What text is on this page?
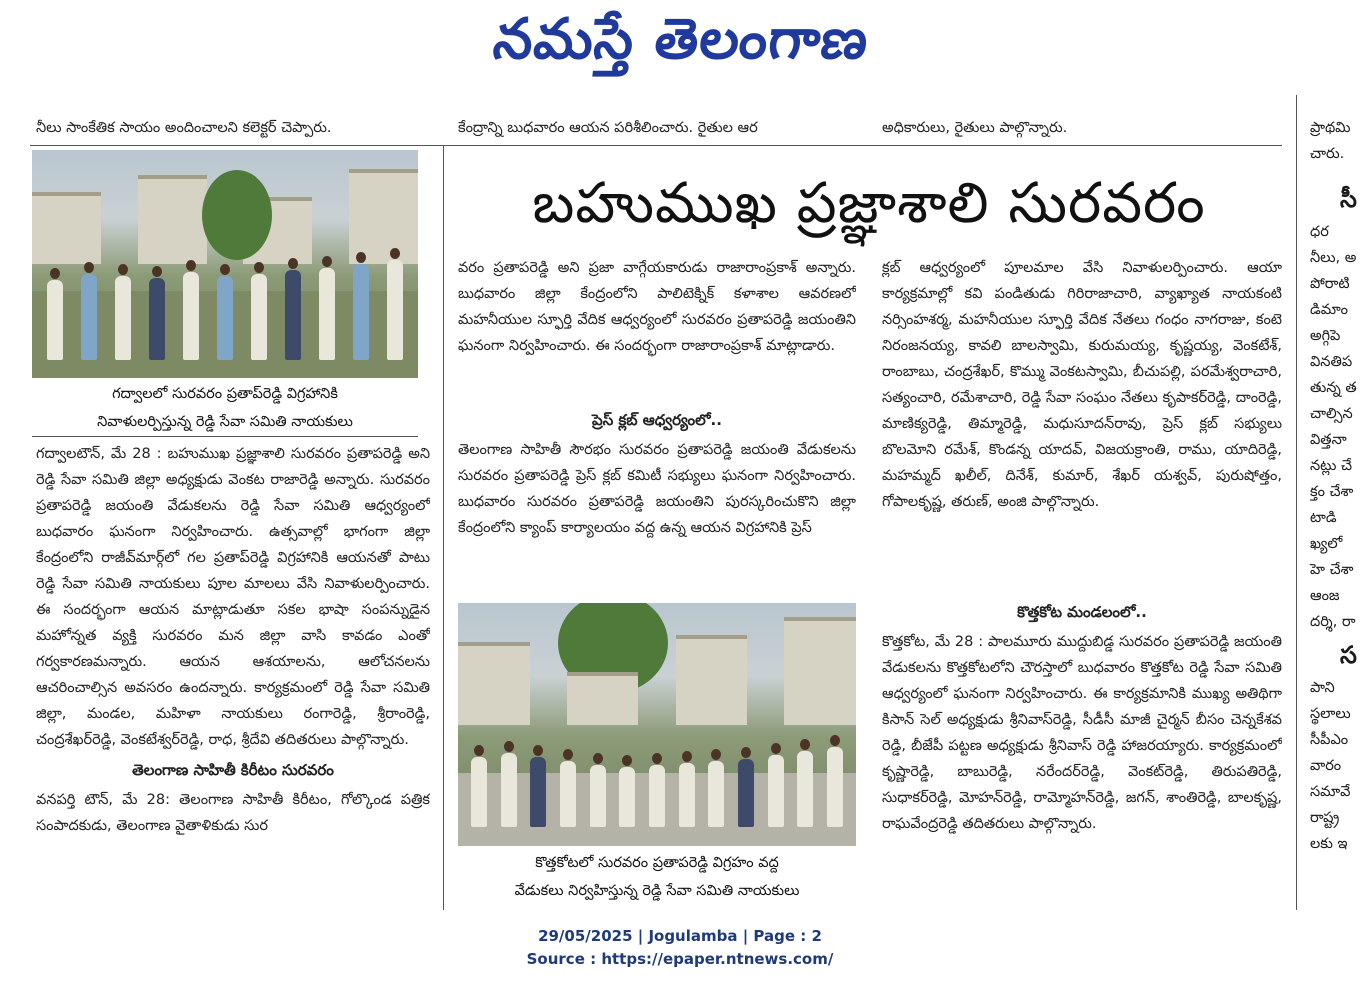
నమస్తే తెలంగాణ
నీలు సాంకేతిక సాయం అందించాలని కలెక్టర్ చెప్పారు.	కేంద్రాన్ని బుధవారం ఆయన పరిశీలించారు. రైతుల ఆర	అధికారులు, రైతులు పాల్గొన్నారు.
బహుముఖ ప్రజ్ఞాశాలి సురవరం
గద్వాలలో సురవరం ప్రతాప్‌రెడ్డి విగ్రహానికి
నివాళులర్పిస్తున్న రెడ్డి సేవా సమితి నాయకులు

గద్వాలటౌన్, మే 28 : బహుముఖ ప్రజ్ఞాశాలి సురవరం ప్రతాపరెడ్డి అని రెడ్డి సేవా సమితి జిల్లా అధ్యక్షుడు వెంకట రాజారెడ్డి అన్నారు. సురవరం ప్రతాపరెడ్డి జయంతి వేడుకలను రెడ్డి సేవా సమితి ఆధ్వర్యంలో బుధవారం ఘనంగా నిర్వహించారు. ఉత్సవాల్లో భాగంగా జిల్లా కేంద్రంలోని రాజీవ్‌మార్గ్‌లో గల ప్రతాప్‌రెడ్డి విగ్రహానికి ఆయనతో పాటు రెడ్డి సేవా సమితి నాయకులు పూల మాలలు వేసి నివాళులర్పించారు. ఈ సందర్భంగా ఆయన మాట్లాడుతూ సకల భాషా సంపన్నుడైన మహోన్నత వ్యక్తి సురవరం మన జిల్లా వాసి కావడం ఎంతో గర్వకారణమన్నారు. ఆయన ఆశయాలను, ఆలోచనలను ఆచరించాల్సిన అవసరం ఉందన్నారు. కార్యక్రమంలో రెడ్డి సేవా సమితి జిల్లా, మండల, మహిళా నాయకులు రంగారెడ్డి, శ్రీరాంరెడ్డి, చంద్రశేఖర్‌రెడ్డి, వెంకటేశ్వర్‌రెడ్డి, రాధ, శ్రీదేవి తదితరులు పాల్గొన్నారు.

తెలంగాణ సాహితీ కిరీటం సురవరం

వనపర్తి టౌన్, మే 28: తెలంగాణ సాహితీ కిరీటం, గోల్కొండ పత్రిక సంపాదకుడు, తెలంగాణ వైతాళికుడు సుర

వరం ప్రతాపరెడ్డి అని ప్రజా వాగ్గేయకారుడు రాజారాంప్రకాశ్ అన్నారు. బుధవారం జిల్లా కేంద్రంలోని పాలిటెక్నిక్ కళాశాల ఆవరణలో మహనీయుల స్ఫూర్తి వేదిక ఆధ్వర్యంలో సురవరం ప్రతాపరెడ్డి జయంతిని ఘనంగా నిర్వహించారు. ఈ సందర్భంగా రాజారాంప్రకాశ్ మాట్లాడారు.

ప్రెస్ క్లబ్ ఆధ్వర్యంలో..

తెలంగాణ సాహితీ సౌరభం సురవరం ప్రతాపరెడ్డి జయంతి వేడుకలను సురవరం ప్రతాపరెడ్డి ప్రెస్ క్లబ్ కమిటీ సభ్యులు ఘనంగా నిర్వహించారు. బుధవారం సురవరం ప్రతాపరెడ్డి జయంతిని పురస్కరించుకొని జిల్లా కేంద్రంలోని క్యాంప్ కార్యాలయం వద్ద ఉన్న ఆయన విగ్రహానికి ప్రెస్

కొత్తకోటలో సురవరం ప్రతాపరెడ్డి విగ్రహం వద్ద
వేడుకలు నిర్వహిస్తున్న రెడ్డి సేవా సమితి నాయకులు

క్లబ్ ఆధ్వర్యంలో పూలమాల వేసి నివాళులర్పించారు. ఆయా కార్యక్రమాల్లో కవి పండితుడు గిరిరాజాచారి, వ్యాఖ్యాత నాయకంటి నర్సింహశర్మ, మహనీయుల స్ఫూర్తి వేదిక నేతలు గంధం నాగరాజు, కంటె నిరంజనయ్య, కావలి బాలస్వామి, కురుమయ్య, కృష్ణయ్య, వెంకటేశ్, రాంబాబు, చంద్రశేఖర్, కొమ్ము వెంకటస్వామి, బీచుపల్లి, పరమేశ్వరాచారి, సత్యంచారి, రమేశాచారి, రెడ్డి సేవా సంఘం నేతలు కృపాకర్‌రెడ్డి, దాంరెడ్డి, మాణిక్యరెడ్డి, తిమ్మారెడ్డి, మధుసూదన్‌రావు, ప్రెస్ క్లబ్ సభ్యులు బొలమోని రమేశ్, కొండన్న యాదవ్, విజయక్రాంతి, రాము, యాదిరెడ్డి, మహమ్మద్ ఖలీల్, దినేశ్, కుమార్, శేఖర్ యశ్వవ్, పురుషోత్తం, గోపాలకృష్ణ, తరుణ్, అంజి పాల్గొన్నారు.

కొత్తకోట మండలంలో..

కొత్తకోట, మే 28 : పాలమూరు ముద్దుబిడ్డ సురవరం ప్రతాపరెడ్డి జయంతి వేడుకలను కొత్తకోటలోని చౌరస్తాలో బుధవారం కొత్తకోట రెడ్డి సేవా సమితి ఆధ్వర్యంలో ఘనంగా నిర్వహించారు. ఈ కార్యక్రమానికి ముఖ్య అతిథిగా కిసాన్ సెల్ అధ్యక్షుడు శ్రీనివాస్‌రెడ్డి, సీడీసీ మాజీ చైర్మన్ బీసం చెన్నకేశవ రెడ్డి, బీజేపీ పట్టణ అధ్యక్షుడు శ్రీనివాస్ రెడ్డి హాజరయ్యారు. కార్యక్రమంలో కృష్ణారెడ్డి, బాబురెడ్డి, నరేందర్‌రెడ్డి, వెంకట్‌రెడ్డి, తిరుపతిరెడ్డి, సుధాకర్‌రెడ్డి, మోహన్‌రెడ్డి, రామ్మోహన్‌రెడ్డి, జగన్, శాంతిరెడ్డి, బాలకృష్ణ, రాఘవేంద్రరెడ్డి తదితరులు పాల్గొన్నారు.

ప్రాథమి చారు.
సీ
ధర నీలు, అ పోరాటి డిమాం అగ్గిపె వినతిప తున్న త చాల్సిన విత్తనా నట్లు చే క్తం చేశా టాడి ఖ్యలో హె చేశా ఆంజ దర్శి, రా
స
పాని స్థలాలు సీపీఎం వారం సమావే రాష్ట్ర లకు ఇ
29/05/2025 | Jogulamba | Page : 2
Source : https://epaper.ntnews.com/
